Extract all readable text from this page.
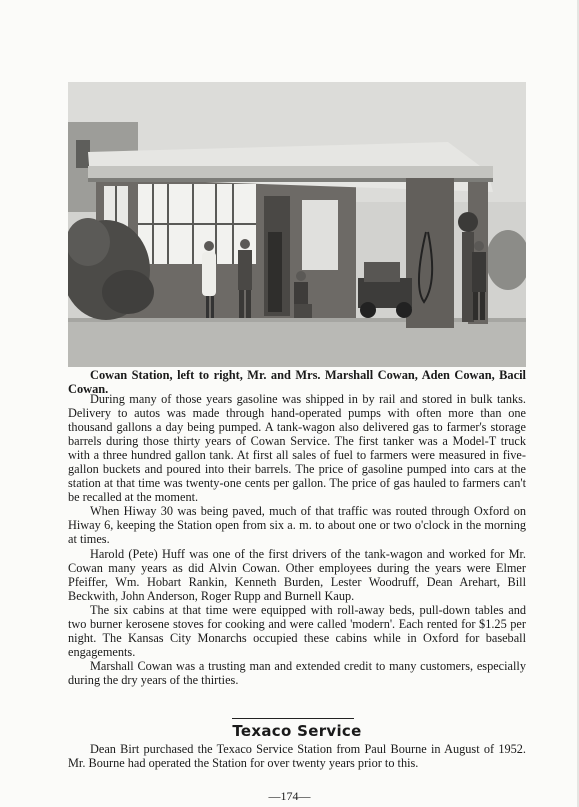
Cowan Station, left to right, Mr. and Mrs. Marshall Cowan, Aden Cowan, Bacil Cowan.

During many of those years gasoline was shipped in by rail and stored in bulk tanks. Delivery to autos was made through hand-operated pumps with often more than one thousand gallons a day being pumped. A tank-wagon also delivered gas to farmer's storage barrels during those thirty years of Cowan Service. The first tanker was a Model-T truck with a three hundred gallon tank. At first all sales of fuel to farmers were measured in five-gallon buckets and poured into their barrels. The price of gasoline pumped into cars at the station at that time was twenty-one cents per gallon. The price of gas hauled to farmers can't be recalled at the moment.

When Hiway 30 was being paved, much of that traffic was routed through Oxford on Hiway 6, keeping the Station open from six a. m. to about one or two o'clock in the morning at times.

Harold (Pete) Huff was one of the first drivers of the tank-wagon and worked for Mr. Cowan many years as did Alvin Cowan. Other employees during the years were Elmer Pfeiffer, Wm. Hobart Rankin, Kenneth Burden, Lester Woodruff, Dean Arehart, Bill Beckwith, John Anderson, Roger Rupp and Burnell Kaup.

The six cabins at that time were equipped with roll-away beds, pull-down tables and two burner kerosene stoves for cooking and were called 'modern'. Each rented for $1.25 per night. The Kansas City Monarchs occupied these cabins while in Oxford for baseball engagements.

Marshall Cowan was a trusting man and extended credit to many customers, especially during the dry years of the thirties.

Texaco Service

Dean Birt purchased the Texaco Service Station from Paul Bourne in August of 1952. Mr. Bourne had operated the Station for over twenty years prior to this.

—174—
